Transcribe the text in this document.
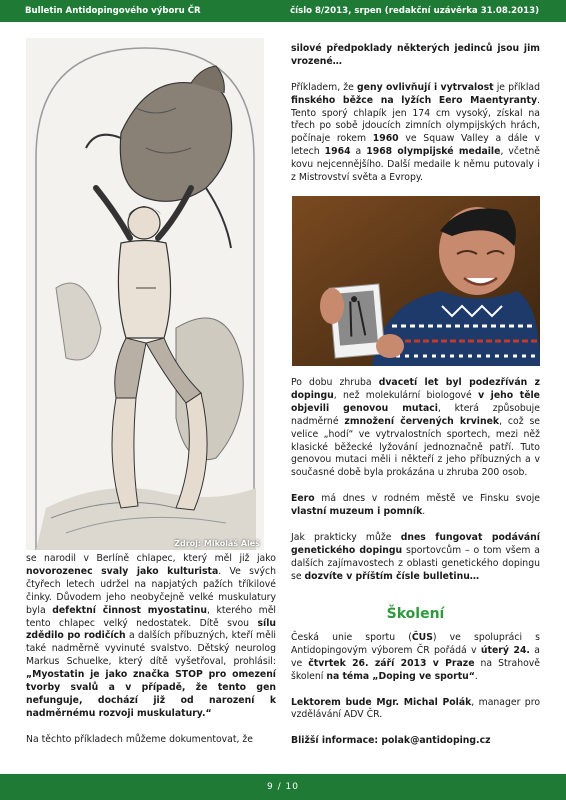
Bulletin Antidopingového výboru ČR	číslo 8/2013, srpen (redakční uzávěrka 31.08.2013)
Zdroj: Mikoláš Aleš

se narodil v Berlíně chlapec, který měl již jako novorozenec svaly jako kulturista. Ve svých čtyřech letech udržel na napjatých pažích tříkilové činky. Důvodem jeho neobyčejně velké muskulatury byla defektní činnost myostatinu, kterého měl tento chlapec velký nedostatek. Dítě svou sílu zdědilo po rodičích a dalších příbuzných, kteří měli také nadměrně vyvinuté svalstvo. Dětský neurolog Markus Schuelke, který dítě vyšetřoval, prohlásil: „Myostatin je jako značka STOP pro omezení tvorby svalů a v případě, že tento gen nefunguje, dochází již od narození k nadměrnému rozvoji muskulatury.“

Na těchto příkladech můžeme dokumentovat, že

silové předpoklady některých jedinců jsou jim vrozené…

Příkladem, že geny ovlivňují i vytrvalost je příklad finského běžce na lyžích Eero Maentyranty. Tento sporý chlapík jen 174 cm vysoký, získal na třech po sobě jdoucích zimních olympijských hrách, počínaje rokem 1960 ve Squaw Valley a dále v letech 1964 a 1968 olympijské medaile, včetně kovu nejcennějšího. Další medaile k němu putovaly i z Mistrovství světa a Evropy.

Po dobu zhruba dvacetí let byl podezříván z dopingu, než molekulární biologové v jeho těle objevili genovou mutaci, která způsobuje nadměrné zmnožení červených krvinek, což se velice „hodí“ ve vytrvalostních sportech, mezi něž klasické běžecké lyžování jednoznačně patří. Tuto genovou mutaci měli i někteří z jeho příbuzných a v současné době byla prokázána u zhruba 200 osob.

Eero má dnes v rodném městě ve Finsku svoje vlastní muzeum i pomník.

Jak prakticky může dnes fungovat podávání genetického dopingu sportovcům – o tom všem a dalších zajímavostech z oblasti genetického dopingu se dozvíte v příštím čísle bulletinu…

Školení

Česká unie sportu (ČUS) ve spolupráci s Antidopingovým výborem ČR pořádá v úterý 24. a ve čtvrtek 26. září 2013 v Praze na Strahově školení na téma „Doping ve sportu“.

Lektorem bude Mgr. Michal Polák, manager pro vzdělávání ADV ČR.

Bližší informace: polak@antidoping.cz

9 / 10
